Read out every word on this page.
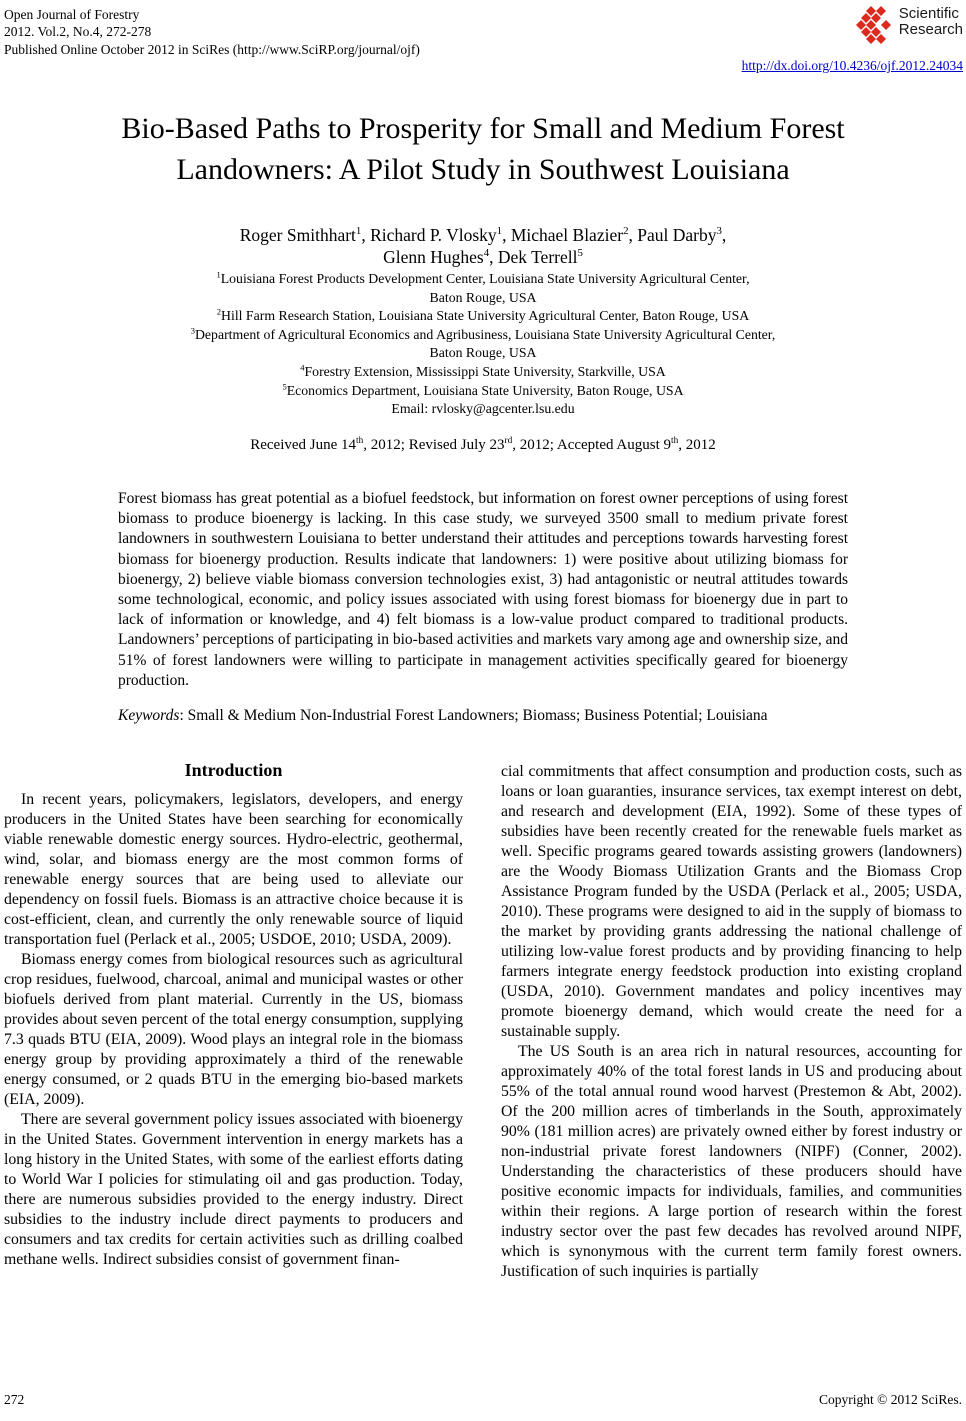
Open Journal of Forestry
2012. Vol.2, No.4, 272-278
Published Online October 2012 in SciRes (http://www.SciRP.org/journal/ojf)
Scientific
Research
http://dx.doi.org/10.4236/ojf.2012.24034
Bio-Based Paths to Prosperity for Small and Medium Forest
Landowners: A Pilot Study in Southwest Louisiana
Roger Smithhart$^1$, Richard P. Vlosky$^1$, Michael Blazier$^2$, Paul Darby$^3$,
Glenn Hughes$^4$, Dek Terrell$^5$
$^1$Louisiana Forest Products Development Center, Louisiana State University Agricultural Center,
Baton Rouge, USA
$^2$Hill Farm Research Station, Louisiana State University Agricultural Center, Baton Rouge, USA
$^3$Department of Agricultural Economics and Agribusiness, Louisiana State University Agricultural Center,
Baton Rouge, USA
$^4$Forestry Extension, Mississippi State University, Starkville, USA
$^5$Economics Department, Louisiana State University, Baton Rouge, USA
Email: rvlosky@agcenter.lsu.edu
Received June 14th, 2012; Revised July 23rd, 2012; Accepted August 9th, 2012
Forest biomass has great potential as a biofuel feedstock, but information on forest owner perceptions of using forest biomass to produce bioenergy is lacking. In this case study, we surveyed 3500 small to medium private forest landowners in southwestern Louisiana to better understand their attitudes and perceptions towards harvesting forest biomass for bioenergy production. Results indicate that landowners: 1) were positive about utilizing biomass for bioenergy, 2) believe viable biomass conversion technologies exist, 3) had antagonistic or neutral attitudes towards some technological, economic, and policy issues associated with using forest biomass for bioenergy due in part to lack of information or knowledge, and 4) felt biomass is a low-value product compared to traditional products. Landowners’ perceptions of participating in bio-based activities and markets vary among age and ownership size, and 51% of forest landowners were willing to participate in management activities specifically geared for bioenergy production.
Keywords: Small & Medium Non-Industrial Forest Landowners; Biomass; Business Potential; Louisiana
Introduction

In recent years, policymakers, legislators, developers, and energy producers in the United States have been searching for economically viable renewable domestic energy sources. Hydro-electric, geothermal, wind, solar, and biomass energy are the most common forms of renewable energy sources that are being used to alleviate our dependency on fossil fuels. Biomass is an attractive choice because it is cost-efficient, clean, and currently the only renewable source of liquid transportation fuel (Perlack et al., 2005; USDOE, 2010; USDA, 2009).

Biomass energy comes from biological resources such as agricultural crop residues, fuelwood, charcoal, animal and municipal wastes or other biofuels derived from plant material. Currently in the US, biomass provides about seven percent of the total energy consumption, supplying 7.3 quads BTU (EIA, 2009). Wood plays an integral role in the biomass energy group by providing approximately a third of the renewable energy consumed, or 2 quads BTU in the emerging bio-based markets (EIA, 2009).

There are several government policy issues associated with bioenergy in the United States. Government intervention in energy markets has a long history in the United States, with some of the earliest efforts dating to World War I policies for stimulating oil and gas production. Today, there are numerous subsidies provided to the energy industry. Direct subsidies to the industry include direct payments to producers and consumers and tax credits for certain activities such as drilling coalbed methane wells. Indirect subsidies consist of government finan-

cial commitments that affect consumption and production costs, such as loans or loan guaranties, insurance services, tax exempt interest on debt, and research and development (EIA, 1992). Some of these types of subsidies have been recently created for the renewable fuels market as well. Specific programs geared towards assisting growers (landowners) are the Woody Biomass Utilization Grants and the Biomass Crop Assistance Program funded by the USDA (Perlack et al., 2005; USDA, 2010). These programs were designed to aid in the supply of biomass to the market by providing grants addressing the national challenge of utilizing low-value forest products and by providing financing to help farmers integrate energy feedstock production into existing cropland (USDA, 2010). Government mandates and policy incentives may promote bioenergy demand, which would create the need for a sustainable supply.

The US South is an area rich in natural resources, accounting for approximately 40% of the total forest lands in US and producing about 55% of the total annual round wood harvest (Prestemon & Abt, 2002). Of the 200 million acres of timberlands in the South, approximately 90% (181 million acres) are privately owned either by forest industry or non-industrial private forest landowners (NIPF) (Conner, 2002). Understanding the characteristics of these producers should have positive economic impacts for individuals, families, and communities within their regions. A large portion of research within the forest industry sector over the past few decades has revolved around NIPF, which is synonymous with the current term family forest owners. Justification of such inquiries is partially

272	Copyright © 2012 SciRes.
